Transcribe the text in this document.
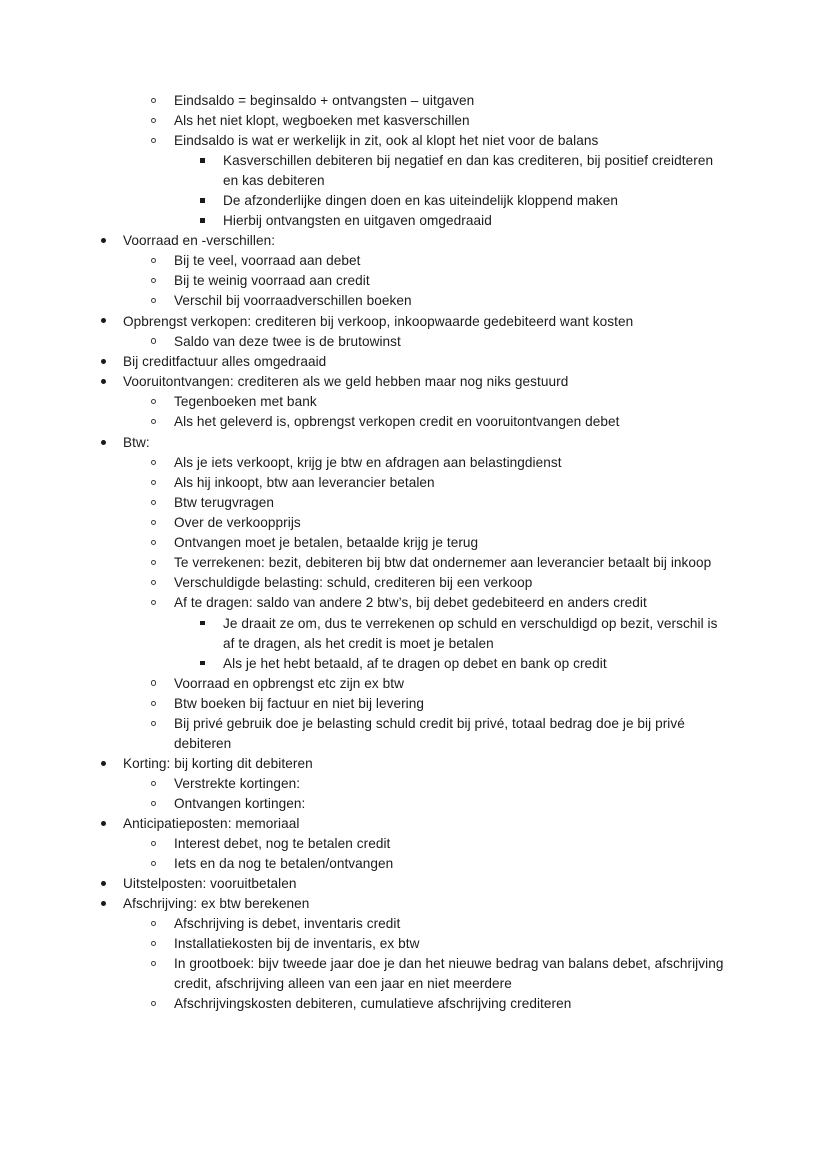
Eindsaldo = beginsaldo + ontvangsten – uitgaven
Als het niet klopt, wegboeken met kasverschillen
Eindsaldo is wat er werkelijk in zit, ook al klopt het niet voor de balans
Kasverschillen debiteren bij negatief en dan kas crediteren, bij positief creidteren en kas debiteren
De afzonderlijke dingen doen en kas uiteindelijk kloppend maken
Hierbij ontvangsten en uitgaven omgedraaid
Voorraad en -verschillen:
Bij te veel, voorraad aan debet
Bij te weinig voorraad aan credit
Verschil bij voorraadverschillen boeken
Opbrengst verkopen: crediteren bij verkoop, inkoopwaarde gedebiteerd want kosten
Saldo van deze twee is de brutowinst
Bij creditfactuur alles omgedraaid
Vooruitontvangen: crediteren als we geld hebben maar nog niks gestuurd
Tegenboeken met bank
Als het geleverd is, opbrengst verkopen credit en vooruitontvangen debet
Btw:
Als je iets verkoopt, krijg je btw en afdragen aan belastingdienst
Als hij inkoopt, btw aan leverancier betalen
Btw terugvragen
Over de verkoopprijs
Ontvangen moet je betalen, betaalde krijg je terug
Te verrekenen: bezit, debiteren bij btw dat ondernemer aan leverancier betaalt bij inkoop
Verschuldigde belasting: schuld, crediteren bij een verkoop
Af te dragen: saldo van andere 2 btw’s, bij debet gedebiteerd en anders credit
Je draait ze om, dus te verrekenen op schuld en verschuldigd op bezit, verschil is af te dragen, als het credit is moet je betalen
Als je het hebt betaald, af te dragen op debet en bank op credit
Voorraad en opbrengst etc zijn ex btw
Btw boeken bij factuur en niet bij levering
Bij privé gebruik doe je belasting schuld credit bij privé, totaal bedrag doe je bij privé debiteren
Korting: bij korting dit debiteren
Verstrekte kortingen:
Ontvangen kortingen:
Anticipatieposten: memoriaal
Interest debet, nog te betalen credit
Iets en da nog te betalen/ontvangen
Uitstelposten: vooruitbetalen
Afschrijving: ex btw berekenen
Afschrijving is debet, inventaris credit
Installatiekosten bij de inventaris, ex btw
In grootboek: bijv tweede jaar doe je dan het nieuwe bedrag van balans debet, afschrijving credit, afschrijving alleen van een jaar en niet meerdere
Afschrijvingskosten debiteren, cumulatieve afschrijving crediteren
